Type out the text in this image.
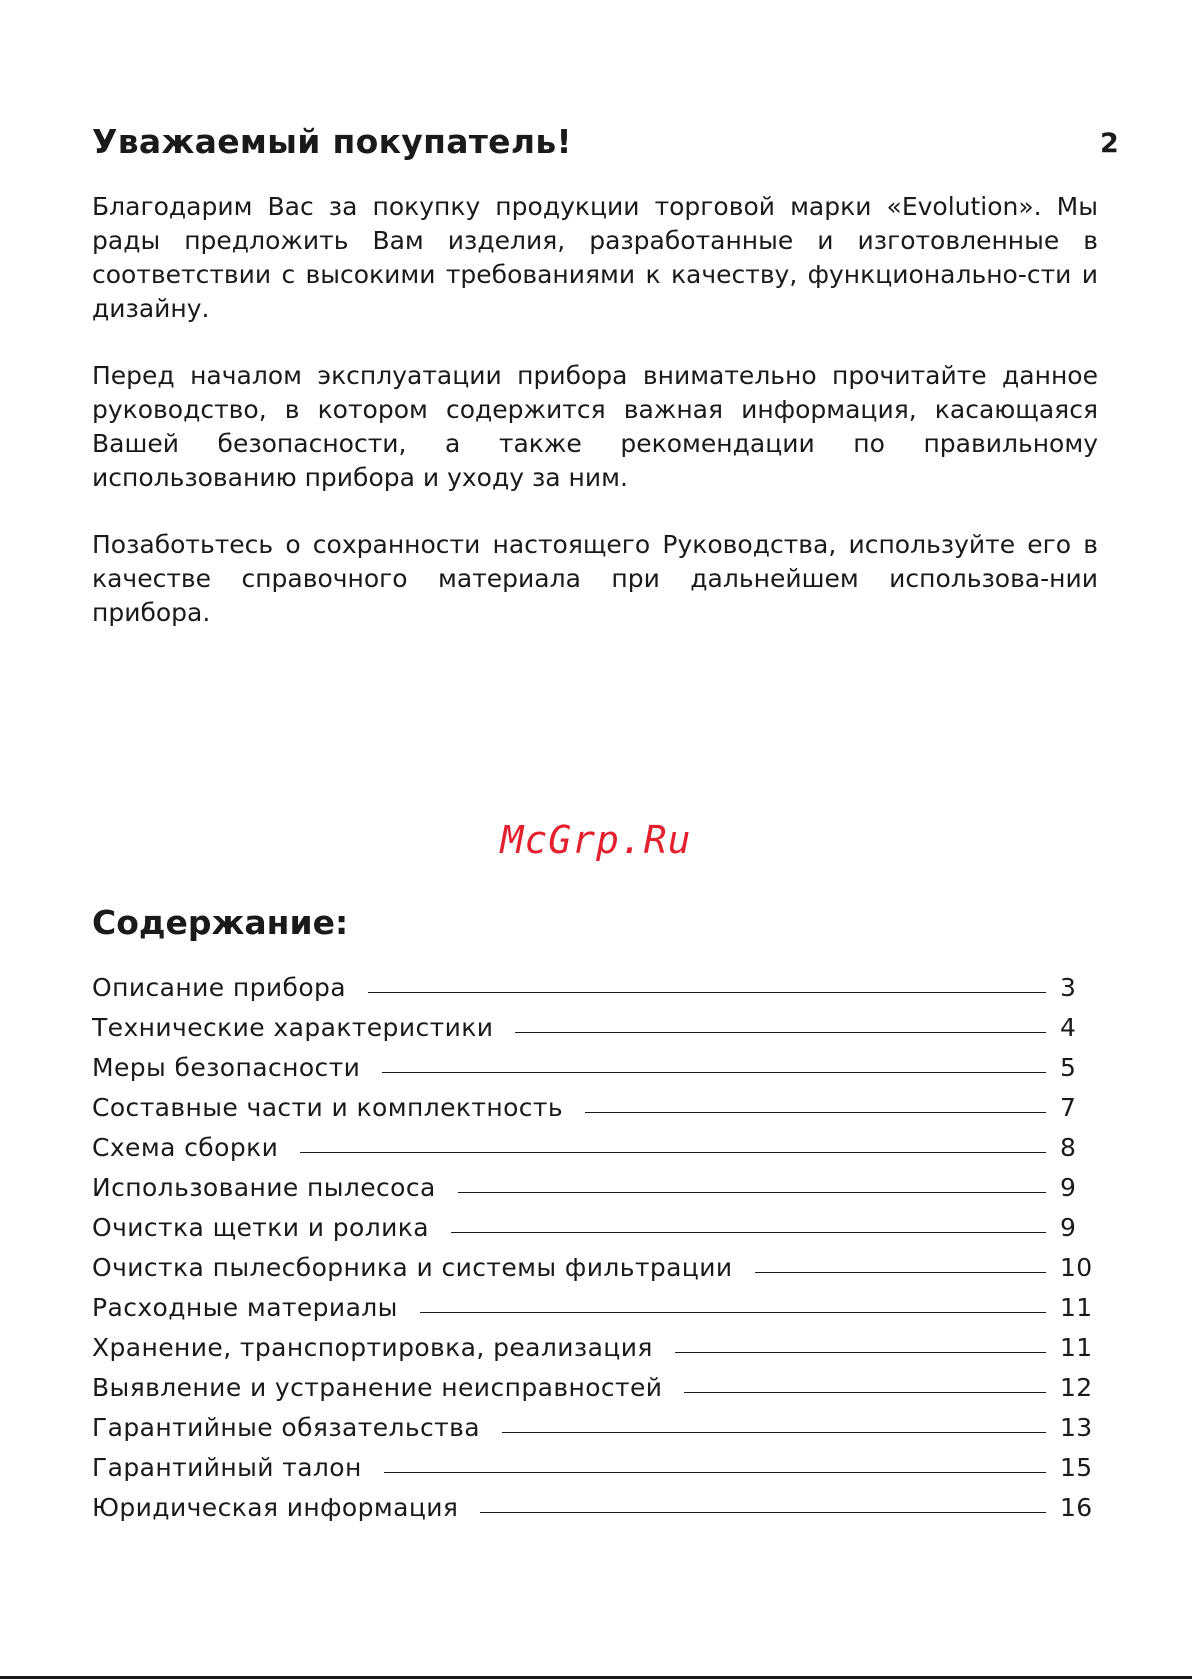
2
Уважаемый покупатель!

Благодарим Вас за покупку продукции торговой марки «Evolution». Мы рады предложить Вам изделия, разработанные и изготовленные в соответствии с высокими требованиями к качеству, функционально-сти и дизайну.

Перед началом эксплуатации прибора внимательно прочитайте данное руководство, в котором содержится важная информация, касающаяся Вашей безопасности, а также рекомендации по правильному использованию прибора и уходу за ним.

Позаботьтесь о сохранности настоящего Руководства, используйте его в качестве справочного материала при дальнейшем использова-нии прибора.

McGrp.Ru
Содержание:
Описание прибора	3
Технические характеристики	4
Меры безопасности	5
Составные части и комплектность	7
Схема сборки	8
Использование пылесоса	9
Очистка щетки и ролика	9
Очистка пылесборника и системы фильтрации	10
Расходные материалы	11
Хранение, транспортировка, реализация	11
Выявление и устранение неисправностей	12
Гарантийные обязательства	13
Гарантийный талон	15
Юридическая информация	16
